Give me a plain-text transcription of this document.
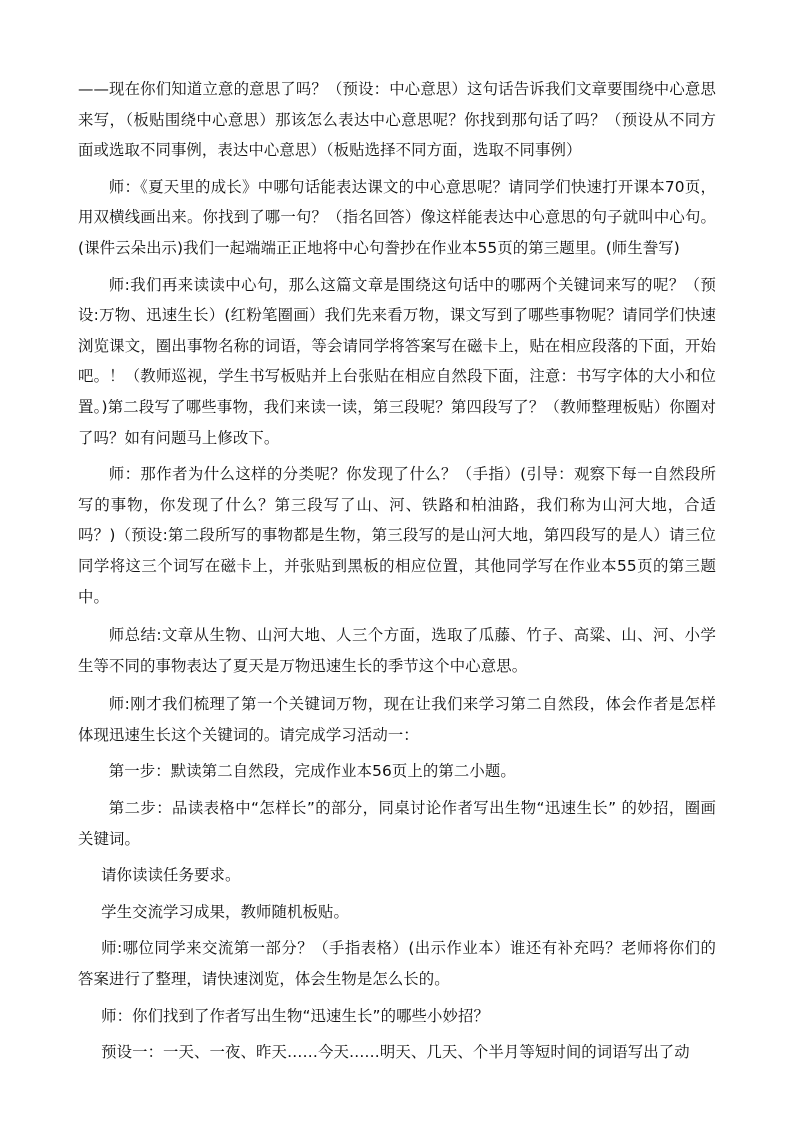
——现在你们知道立意的意思了吗？（预设：中心意思）这句话告诉我们文章要围绕中心意思来写，（板贴围绕中心意思）那该怎么表达中心意思呢？你找到那句话了吗？（预设从不同方面或选取不同事例，表达中心意思）（板贴选择不同方面，选取不同事例）

师：《夏天里的成长》中哪句话能表达课文的中心意思呢？请同学们快速打开课本70页，用双横线画出来。你找到了哪一句？（指名回答）像这样能表达中心意思的句子就叫中心句。(课件云朵出示)我们一起端端正正地将中心句誊抄在作业本55页的第三题里。(师生誊写)

师:我们再来读读中心句，那么这篇文章是围绕这句话中的哪两个关键词来写的呢？（预设:万物、迅速生长）(红粉笔圈画）我们先来看万物，课文写到了哪些事物呢？请同学们快速浏览课文，圈出事物名称的词语，等会请同学将答案写在磁卡上，贴在相应段落的下面，开始吧。！（教师巡视，学生书写板贴并上台张贴在相应自然段下面，注意：书写字体的大小和位置。)第二段写了哪些事物，我们来读一读，第三段呢？第四段写了？（教师整理板贴）你圈对了吗？如有问题马上修改下。

师：那作者为什么这样的分类呢？你发现了什么？（手指）(引导：观察下每一自然段所写的事物，你发现了什么？第三段写了山、河、铁路和柏油路，我们称为山河大地，合适吗？)（预设:第二段所写的事物都是生物，第三段写的是山河大地，第四段写的是人）请三位同学将这三个词写在磁卡上，并张贴到黑板的相应位置，其他同学写在作业本55页的第三题中。

师总结:文章从生物、山河大地、人三个方面，选取了瓜藤、竹子、高粱、山、河、小学生等不同的事物表达了夏天是万物迅速生长的季节这个中心意思。

师:刚才我们梳理了第一个关键词万物，现在让我们来学习第二自然段，体会作者是怎样体现迅速生长这个关键词的。请完成学习活动一：

第一步：默读第二自然段，完成作业本56页上的第二小题。

第二步：品读表格中“怎样长”的部分，同桌讨论作者写出生物“迅速生长” 的妙招，圈画关键词。

请你读读任务要求。

学生交流学习成果，教师随机板贴。

师:哪位同学来交流第一部分？（手指表格）(出示作业本）谁还有补充吗？老师将你们的答案进行了整理，请快速浏览，体会生物是怎么长的。

师：你们找到了作者写出生物“迅速生长”的哪些小妙招？

预设一：一天、一夜、昨天……今天……明天、几天、个半月等短时间的词语写出了动
